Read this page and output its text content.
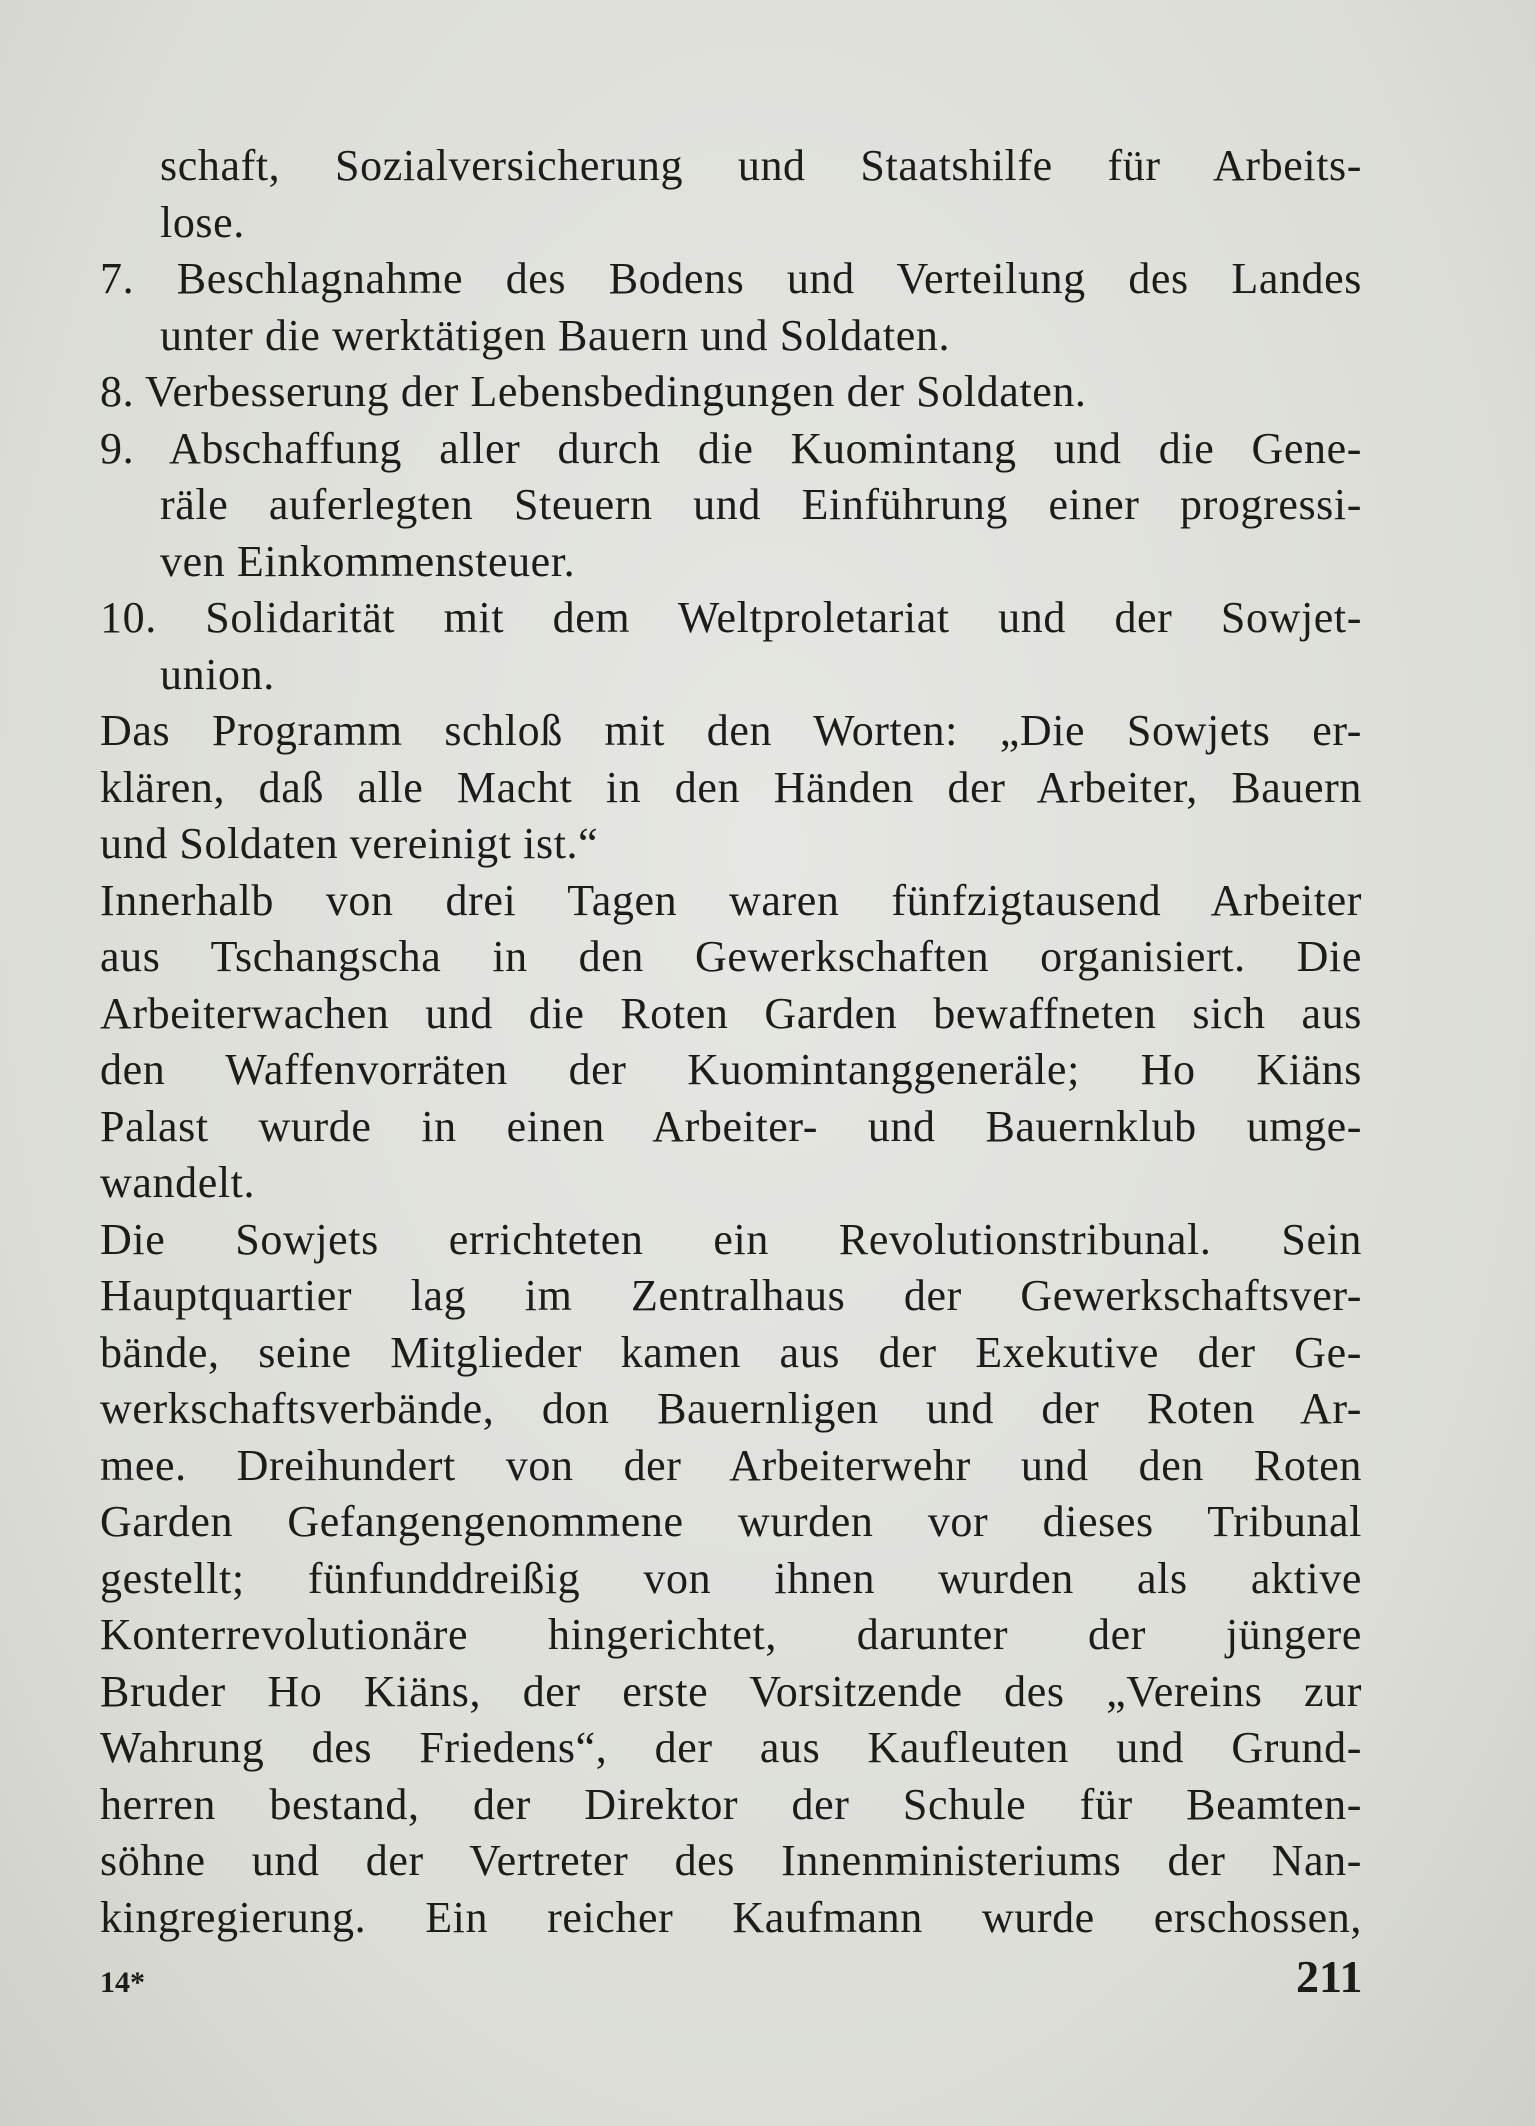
schaft, Sozialversicherung und Staatshilfe für Arbeits-
lose.
7. Beschlagnahme des Bodens und Verteilung des Landes
unter die werktätigen Bauern und Soldaten.
8. Verbesserung der Lebensbedingungen der Soldaten.
9. Abschaffung aller durch die Kuomintang und die Gene-
räle auferlegten Steuern und Einführung einer progressi-
ven Einkommensteuer.
10. Solidarität mit dem Weltproletariat und der Sowjet-
union.
Das Programm schloß mit den Worten: „Die Sowjets er-
klären, daß alle Macht in den Händen der Arbeiter, Bauern
und Soldaten vereinigt ist.“
Innerhalb von drei Tagen waren fünfzigtausend Arbeiter
aus Tschangscha in den Gewerkschaften organisiert. Die
Arbeiterwachen und die Roten Garden bewaffneten sich aus
den Waffenvorräten der Kuomintanggeneräle; Ho Kiäns
Palast wurde in einen Arbeiter- und Bauernklub umge-
wandelt.
Die Sowjets errichteten ein Revolutionstribunal. Sein
Hauptquartier lag im Zentralhaus der Gewerkschaftsver-
bände, seine Mitglieder kamen aus der Exekutive der Ge-
werkschaftsverbände, don Bauernligen und der Roten Ar-
mee. Dreihundert von der Arbeiterwehr und den Roten
Garden Gefangengenommene wurden vor dieses Tribunal
gestellt; fünfunddreißig von ihnen wurden als aktive
Konterrevolutionäre hingerichtet, darunter der jüngere
Bruder Ho Kiäns, der erste Vorsitzende des „Vereins zur
Wahrung des Friedens“, der aus Kaufleuten und Grund-
herren bestand, der Direktor der Schule für Beamten-
söhne und der Vertreter des Innenministeriums der Nan-
kingregierung. Ein reicher Kaufmann wurde erschossen,
14*	211
